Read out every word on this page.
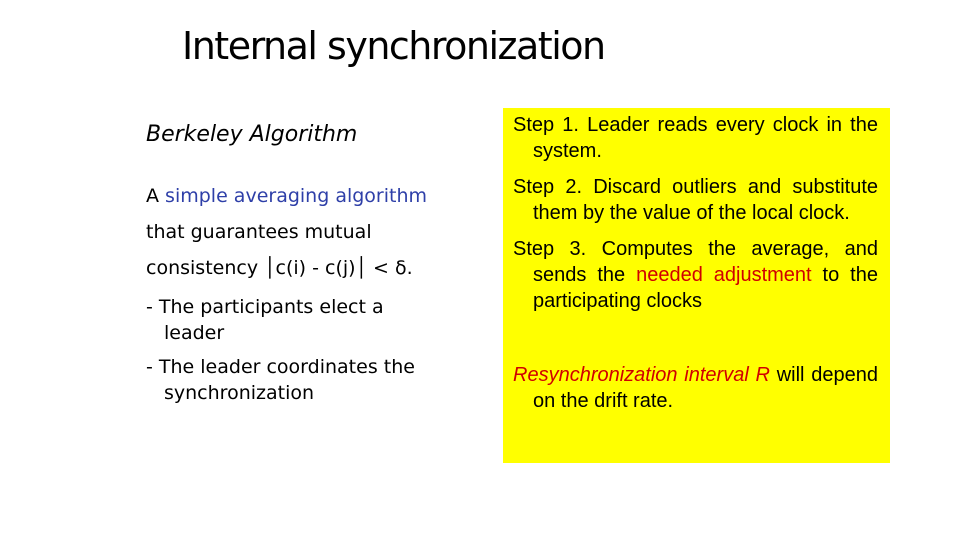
Internal synchronization
Berkeley Algorithm
A simple averaging algorithm
that guarantees mutual
consistency │c(i) - c(j)│ < δ.
- The participants elect a leader
- The leader coordinates the synchronization

Step 1. Leader reads every clock in the system.

Step 2. Discard outliers and substitute them by the value of the local clock.

Step 3. Computes the average, and sends the needed adjustment to the participating clocks

Resynchronization interval R will depend on the drift rate.
